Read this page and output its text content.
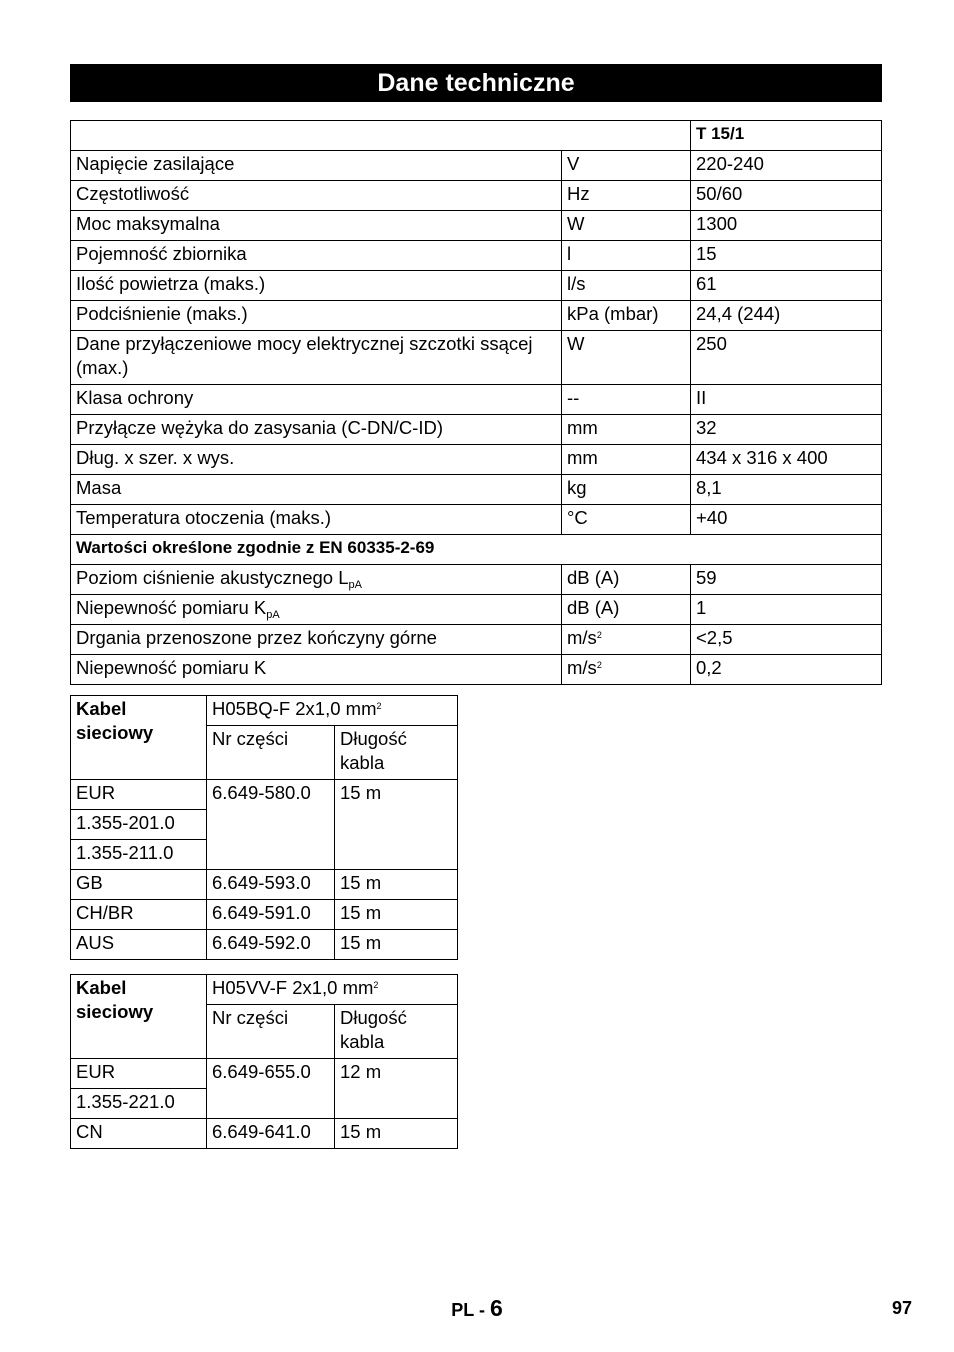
Dane techniczne
		T 15/1
Napięcie zasilające	V	220-240
Częstotliwość	Hz	50/60
Moc maksymalna	W	1300
Pojemność zbiornika	l	15
Ilość powietrza (maks.)	l/s	61
Podciśnienie (maks.)	kPa (mbar)	24,4 (244)
Dane przyłączeniowe mocy elektrycznej szczotki ssącej (max.)	W	250
Klasa ochrony	--	II
Przyłącze wężyka do zasysania (C-DN/C-ID)	mm	32
Dług. x szer. x wys.	mm	434 x 316 x 400
Masa	kg	8,1
Temperatura otoczenia (maks.)	°C	+40
Wartości określone zgodnie z EN 60335-2-69		
Poziom ciśnienie akustycznego $L_{pA}$	dB (A)	59
Niepewność pomiaru $K_{pA}$	dB (A)	1
Drgania przenoszone przez kończyny górne	$m/s^2$	<2,5
Niepewność pomiaru K	$m/s^2$	0,2
Kabel sieciowy	H05BQ-F 2x1,0 $mm^2$
	Nr części	Długość kabla
EUR	6.649-580.0	15 m
1.355-201.0		
1.355-211.0		
GB	6.649-593.0	15 m
CH/BR	6.649-591.0	15 m
AUS	6.649-592.0	15 m
Kabel sieciowy	H05VV-F 2x1,0 $mm^2$
	Nr części	Długość kabla
EUR	6.649-655.0	12 m
1.355-221.0		
CN	6.649-641.0	15 m
PL - 6	97
